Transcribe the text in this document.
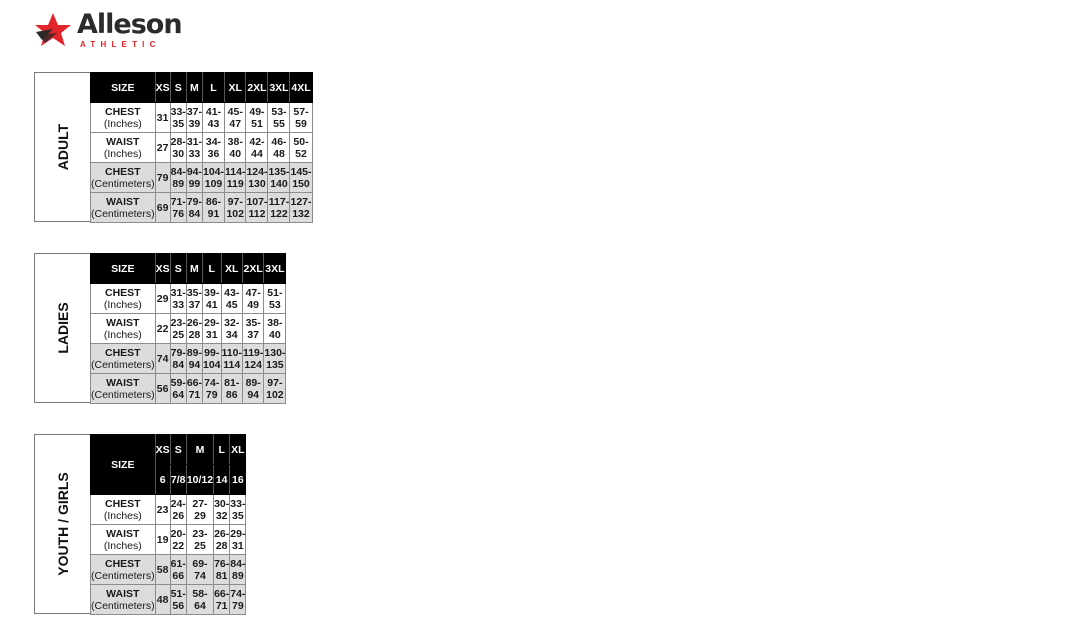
Alleson
ATHLETIC
ADULT
SIZE	XS	S	M	L	XL	2XL	3XL	4XL
CHEST (Inches)	31	33-35	37-39	41-43	45-47	49-51	53-55	57-59
WAIST (Inches)	27	28-30	31-33	34-36	38-40	42-44	46-48	50-52
CHEST (Centimeters)	79	84-89	94-99	104-109	114-119	124-130	135-140	145-150
WAIST (Centimeters)	69	71-76	79-84	86-91	97-102	107-112	117-122	127-132
LADIES
SIZE	XS	S	M	L	XL	2XL	3XL
CHEST (Inches)	29	31-33	35-37	39-41	43-45	47-49	51-53
WAIST (Inches)	22	23-25	26-28	29-31	32-34	35-37	38-40
CHEST (Centimeters)	74	79-84	89-94	99-104	110-114	119-124	130-135
WAIST (Centimeters)	56	59-64	66-71	74-79	81-86	89-94	97-102
YOUTH / GIRLS
SIZE	XS	S	M	L	XL
	6	7/8	10/12	14	16
CHEST (Inches)	23	24-26	27-29	30-32	33-35
WAIST (Inches)	19	20-22	23-25	26-28	29-31
CHEST (Centimeters)	58	61-66	69-74	76-81	84-89
WAIST (Centimeters)	48	51-56	58-64	66-71	74-79
